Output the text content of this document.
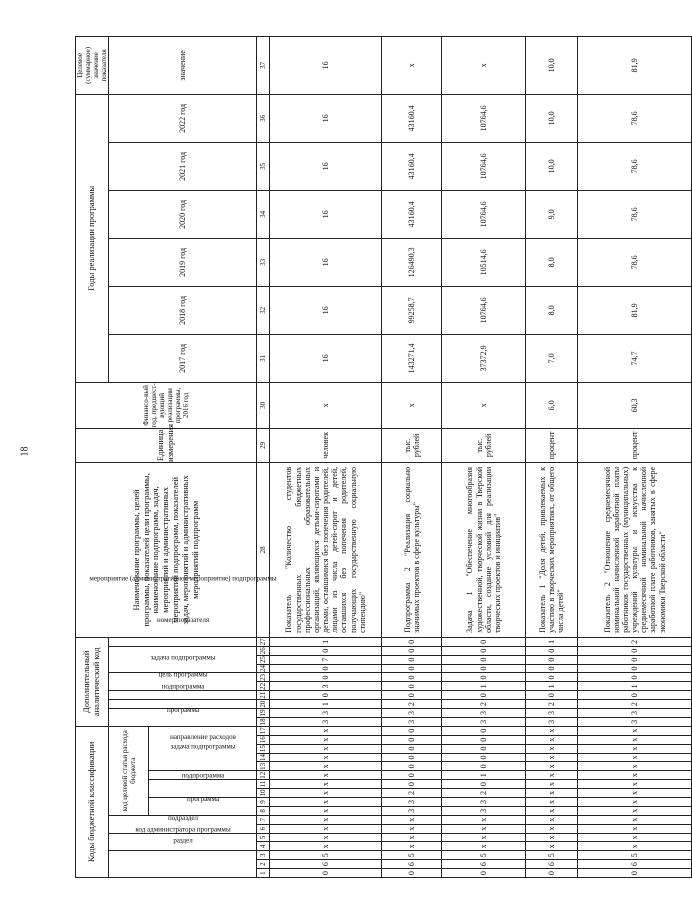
18
Коды бюджетной классификации																	Дополнительный аналитический код										Наименование программы, целей программы, показателей цели программы, наименование подпрограмм, задач, мероприятий и административных мероприятий подпрограмм, показателей задач, мероприятий и административных мероприятий подпрограмм	Единица измерения	Финансо-вый год, предшест-вующий реализации программы, 2016 год	Годы реализации программы						Целевое (суммарное) значение показателя
код администратора программы			раздел		подраздел		код целевой статьи расхода бюджета										программа		подпрограмма	цель программы	задача подпрограммы		мероприятие (административное мероприятие) подпрограммы			номер показателя				2017 год	2018 год	2019 год	2020 год	2021 год	2022 год	значение
							программа		подпрограмма		задача подпрограммы	направление расходов																								

1	2	3	4	5	6	7	8	9	10	11	12	13	14	15	16	17	18	19	20	21	22	23	24	25	26	27	28	29	30	31	32	33	34	35	36	37
0	6	5	x	x	x	x	x	x	x	x	x	x	x	x	x	x	3	3	1	0	3	0	0	7	0	1	Показатель "Количество студентов государственных бюджетных профессиональных образовательных организаций, являющихся детьми-сиротами и детьми, оставшимися без попечения родителей, лицами из числа детей-сирот и детей, оставшихся без попечения родителей, получающих государственную социальную стипендию"	человек	x	16	16	16	16	16	16	16
0	6	5	x	x	x	x	3	3	2	0	0	0	0	0	0	0	3	3	2	0	0	0	0	0	0	0	Подпрограмма 2 "Реализация социально значимых проектов в сфере культуры"	тыс. рублей	x	143271,4	99258,7	126490,3	43160,4	43160,4	43160,4	x
0	6	5	x	x	x	x	3	3	2	0	1	0	0	0	0	0	3	3	2	0	1	0	0	0	0	0	Задача 1 "Обеспечение многообразия художественной, творческой жизни в Тверской области, создание условий для реализации творческих проектов и инициатив"	тыс. рублей	x	37372,9	10764,6	10514,6	10764,6	10764,6	10764,6	x
0	6	5	x	x	x	x	x	x	x	x	x	x	x	x	x	x	3	3	2	0	1	0	0	0	0	1	Показатель 1 "Доля детей, привлекаемых к участию в творческих мероприятиях, от общего числа детей"	процент	6,0	7,0	8,0	8,0	9,0	10,0	10,0	10,0
0	6	5	x	x	x	x	x	x	x	x	x	x	x	x	x	x	3	3	2	0	1	0	0	0	0	2	Показатель 2 "Отношение среднемесячной номинальной начисленной заработной платы работников государственных (муниципальных) учреждений культуры и искусства к среднемесячной номинальной начисленной заработной плате работников, занятых в сфере экономики Тверской области"	процент	60,3	74,7	81,9	78,6	78,6	78,6	78,6	81,9
